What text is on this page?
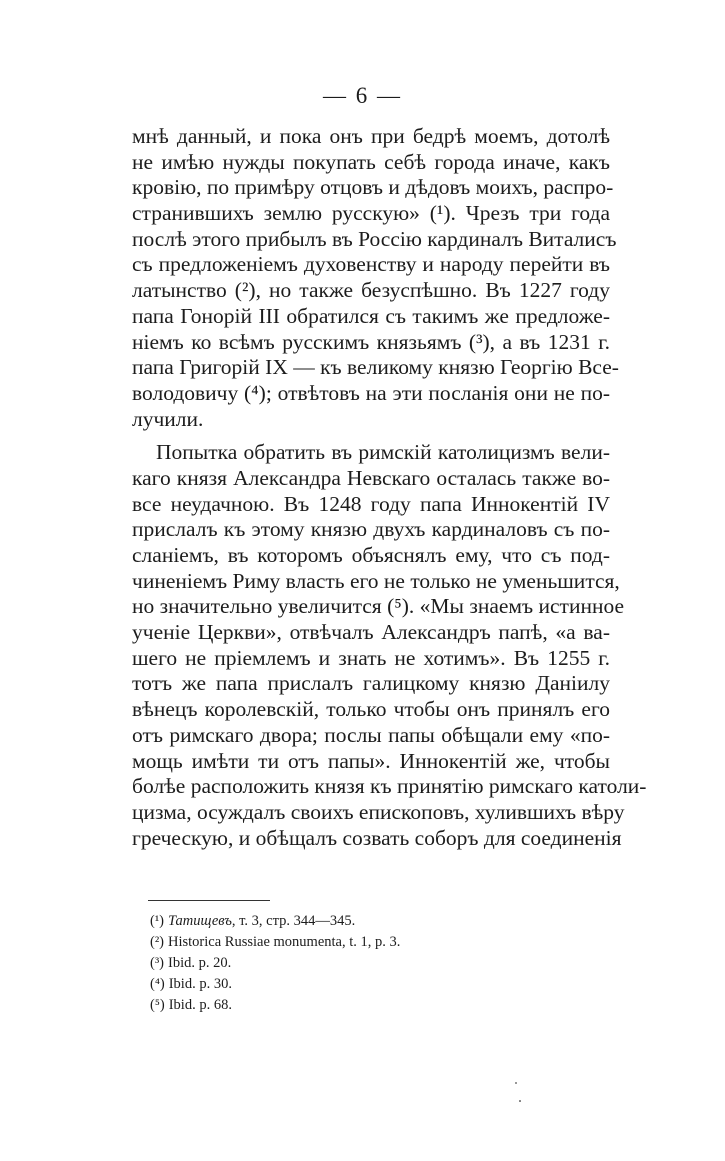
— 6 —
мнѣ данный, и пока онъ при бедрѣ моемъ, дотолѣ
не имѣю нужды покупать себѣ города иначе, какъ
кровію, по примѣру отцовъ и дѣдовъ моихъ, распро-
странившихъ землю русскую» (¹). Чрезъ три года
послѣ этого прибылъ въ Россію кардиналъ Виталисъ
съ предложеніемъ духовенству и народу перейти въ
латынство (²), но также безуспѣшно. Въ 1227 году
папа Гонорій III обратился съ такимъ же предложе-
ніемъ ко всѣмъ русскимъ князьямъ (³), а въ 1231 г.
папа Григорій IX — къ великому князю Георгію Все-
володовичу (⁴); отвѣтовъ на эти посланія они не по-
лучили.
Попытка обратить въ римскій католицизмъ вели-
каго князя Александра Невскаго осталась также во-
все неудачною. Въ 1248 году папа Иннокентій IV
прислалъ къ этому князю двухъ кардиналовъ съ по-
сланіемъ, въ которомъ объяснялъ ему, что съ под-
чиненіемъ Риму власть его не только не уменьшится,
но значительно увеличится (⁵). «Мы знаемъ истинное
ученіе Церкви», отвѣчалъ Александръ папѣ, «а ва-
шего не пріемлемъ и знать не хотимъ». Въ 1255 г.
тотъ же папа прислалъ галицкому князю Даніилу
вѣнецъ королевскій, только чтобы онъ принялъ его
отъ римскаго двора; послы папы обѣщали ему «по-
мощь имѣти ти отъ папы». Иннокентій же, чтобы
болѣе расположить князя къ принятію римскаго католи-
цизма, осуждалъ своихъ епископовъ, хулившихъ вѣру
греческую, и обѣщалъ созвать соборъ для соединенія
(¹) Татищевъ, т. 3, стр. 344—345.
(²) Historica Russiae monumenta, t. 1, p. 3.
(³) Ibid. p. 20.
(⁴) Ibid. p. 30.
(⁵) Ibid. p. 68.
